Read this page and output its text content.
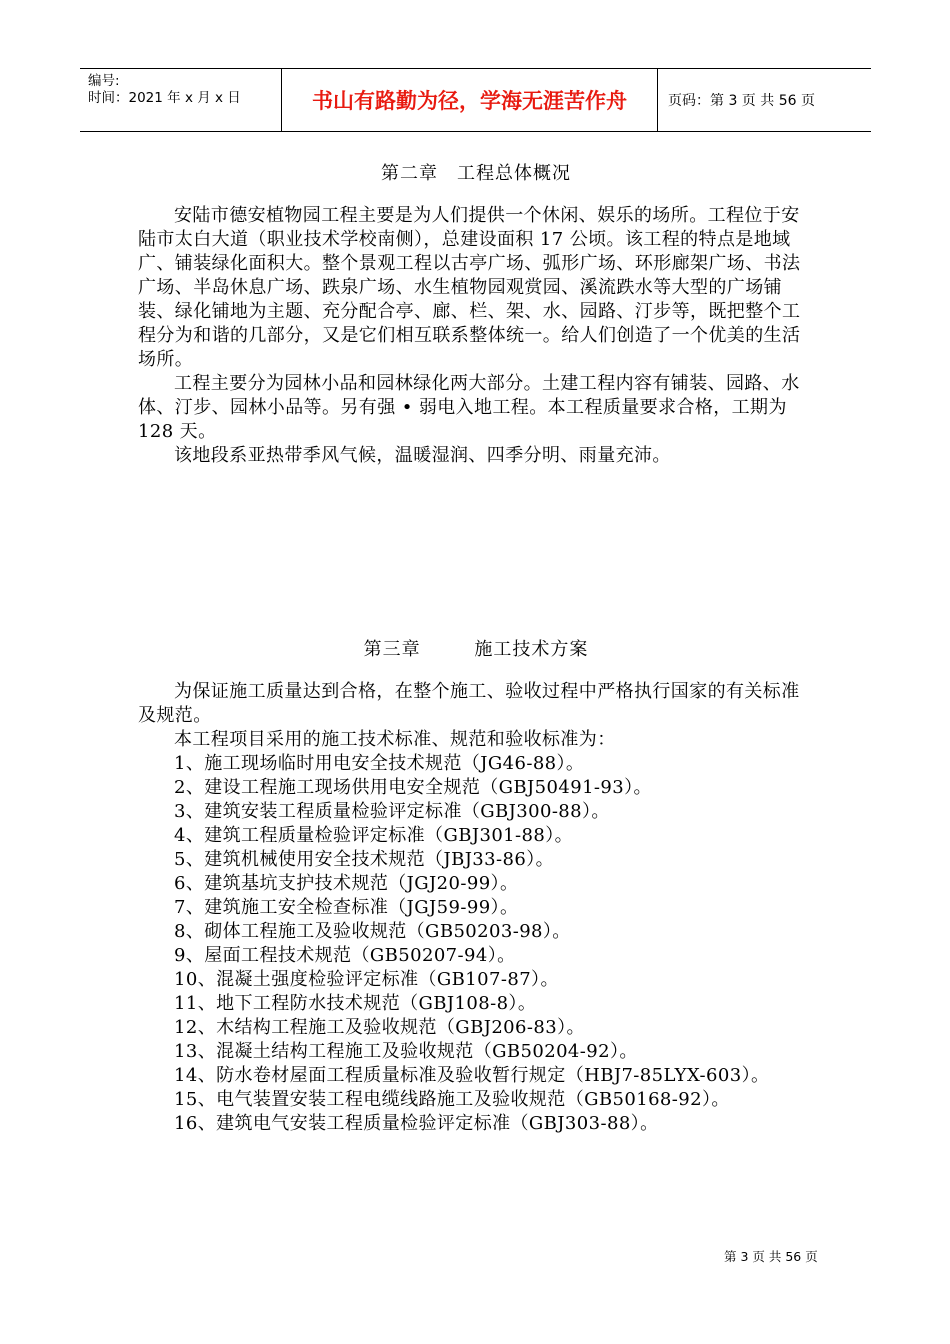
编号:
时间：2021 年 x 月 x 日	书山有路勤为径，学海无涯苦作舟	页码：第 3 页 共 56 页
第二章　工程总体概况

安陆市德安植物园工程主要是为人们提供一个休闲、娱乐的场所。工程位于安陆市太白大道（职业技术学校南侧），总建设面积 17 公顷。该工程的特点是地域广、铺装绿化面积大。整个景观工程以古亭广场、弧形广场、环形廊架广场、书法广场、半岛休息广场、跌泉广场、水生植物园观赏园、溪流跌水等大型的广场铺装、绿化铺地为主题、充分配合亭、廊、栏、架、水、园路、汀步等，既把整个工程分为和谐的几部分，又是它们相互联系整体统一。给人们创造了一个优美的生活场所。

工程主要分为园林小品和园林绿化两大部分。土建工程内容有铺装、园路、水体、汀步、园林小品等。另有强 • 弱电入地工程。本工程质量要求合格，工期为 128 天。

该地段系亚热带季风气候，温暖湿润、四季分明、雨量充沛。

第三章        施工技术方案

为保证施工质量达到合格，在整个施工、验收过程中严格执行国家的有关标准及规范。

本工程项目采用的施工技术标准、规范和验收标准为：

1、施工现场临时用电安全技术规范（JG46-88）。

2、建设工程施工现场供用电安全规范（GBJ50491-93）。

3、建筑安装工程质量检验评定标准（GBJ300-88）。

4、建筑工程质量检验评定标准（GBJ301-88）。

5、建筑机械使用安全技术规范（JBJ33-86）。

6、建筑基坑支护技术规范（JGJ20-99）。

7、建筑施工安全检查标准（JGJ59-99）。

8、砌体工程施工及验收规范（GB50203-98）。

9、屋面工程技术规范（GB50207-94）。

10、混凝土强度检验评定标准（GB107-87）。

11、地下工程防水技术规范（GBJ108-8）。

12、木结构工程施工及验收规范（GBJ206-83）。

13、混凝土结构工程施工及验收规范（GB50204-92）。

14、防水卷材屋面工程质量标准及验收暂行规定（HBJ7-85LYX-603）。

15、电气装置安装工程电缆线路施工及验收规范（GB50168-92）。

16、建筑电气安装工程质量检验评定标准（GBJ303-88）。

第 3 页 共 56 页
